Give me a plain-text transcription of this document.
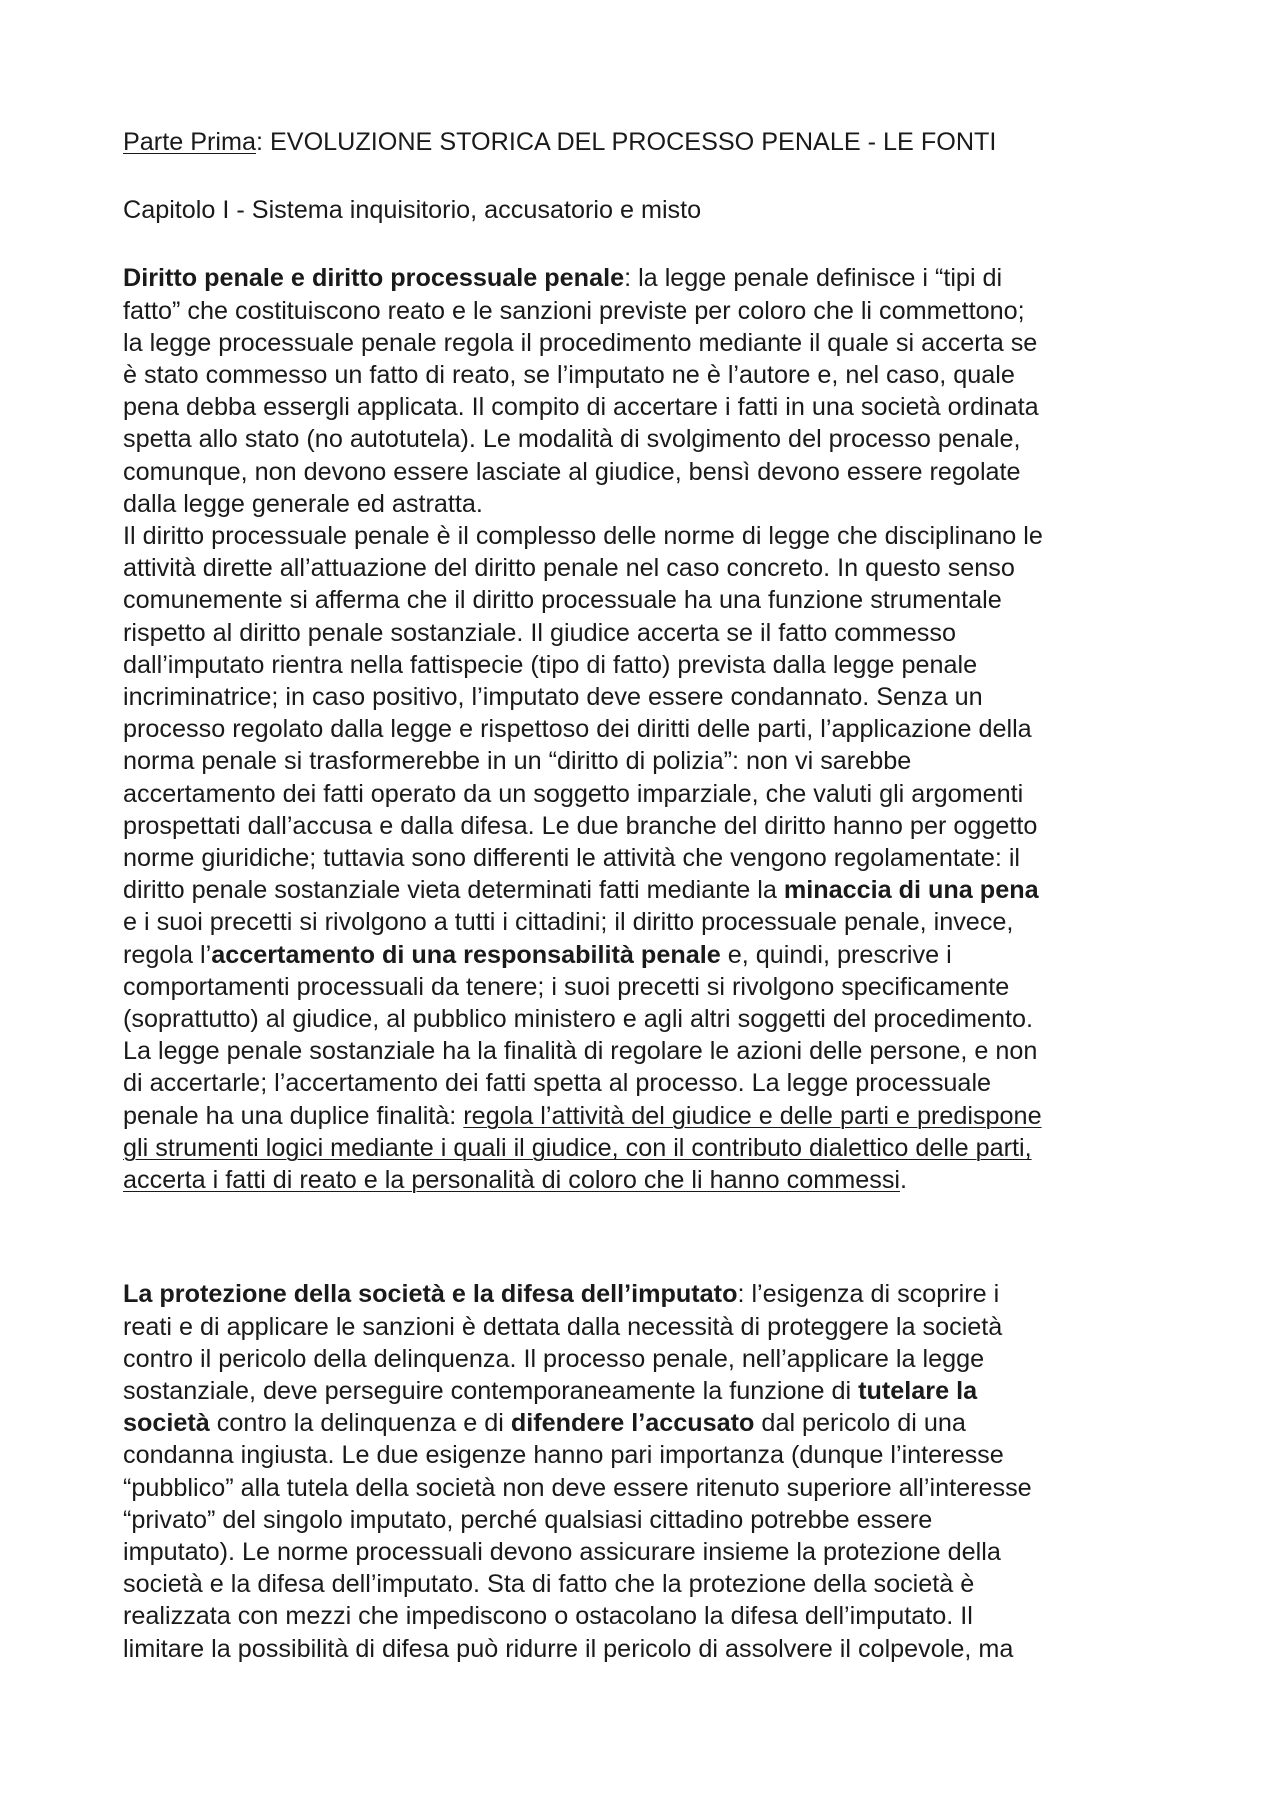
Parte Prima: EVOLUZIONE STORICA DEL PROCESSO PENALE - LE FONTI
Capitolo I - Sistema inquisitorio, accusatorio e misto
Diritto penale e diritto processuale penale: la legge penale definisce i “tipi di
fatto” che costituiscono reato e le sanzioni previste per coloro che li commettono;
la legge processuale penale regola il procedimento mediante il quale si accerta se
è stato commesso un fatto di reato, se l’imputato ne è l’autore e, nel caso, quale
pena debba essergli applicata. Il compito di accertare i fatti in una società ordinata
spetta allo stato (no autotutela). Le modalità di svolgimento del processo penale,
comunque, non devono essere lasciate al giudice, bensì devono essere regolate
dalla legge generale ed astratta.
Il diritto processuale penale è il complesso delle norme di legge che disciplinano le
attività dirette all’attuazione del diritto penale nel caso concreto. In questo senso
comunemente si afferma che il diritto processuale ha una funzione strumentale
rispetto al diritto penale sostanziale. Il giudice accerta se il fatto commesso
dall’imputato rientra nella fattispecie (tipo di fatto) prevista dalla legge penale
incriminatrice; in caso positivo, l’imputato deve essere condannato. Senza un
processo regolato dalla legge e rispettoso dei diritti delle parti, l’applicazione della
norma penale si trasformerebbe in un “diritto di polizia”: non vi sarebbe
accertamento dei fatti operato da un soggetto imparziale, che valuti gli argomenti
prospettati dall’accusa e dalla difesa. Le due branche del diritto hanno per oggetto
norme giuridiche; tuttavia sono differenti le attività che vengono regolamentate: il
diritto penale sostanziale vieta determinati fatti mediante la minaccia di una pena
e i suoi precetti si rivolgono a tutti i cittadini; il diritto processuale penale, invece,
regola l’accertamento di una responsabilità penale e, quindi, prescrive i
comportamenti processuali da tenere; i suoi precetti si rivolgono specificamente
(soprattutto) al giudice, al pubblico ministero e agli altri soggetti del procedimento.
La legge penale sostanziale ha la finalità di regolare le azioni delle persone, e non
di accertarle; l’accertamento dei fatti spetta al processo. La legge processuale
penale ha una duplice finalità: regola l’attività del giudice e delle parti e predispone
gli strumenti logici mediante i quali il giudice, con il contributo dialettico delle parti,
accerta i fatti di reato e la personalità di coloro che li hanno commessi.
La protezione della società e la difesa dell’imputato: l’esigenza di scoprire i
reati e di applicare le sanzioni è dettata dalla necessità di proteggere la società
contro il pericolo della delinquenza. Il processo penale, nell’applicare la legge
sostanziale, deve perseguire contemporaneamente la funzione di tutelare la
società contro la delinquenza e di difendere l’accusato dal pericolo di una
condanna ingiusta. Le due esigenze hanno pari importanza (dunque l’interesse
“pubblico” alla tutela della società non deve essere ritenuto superiore all’interesse
“privato” del singolo imputato, perché qualsiasi cittadino potrebbe essere
imputato). Le norme processuali devono assicurare insieme la protezione della
società e la difesa dell’imputato. Sta di fatto che la protezione della società è
realizzata con mezzi che impediscono o ostacolano la difesa dell’imputato. Il
limitare la possibilità di difesa può ridurre il pericolo di assolvere il colpevole, ma
